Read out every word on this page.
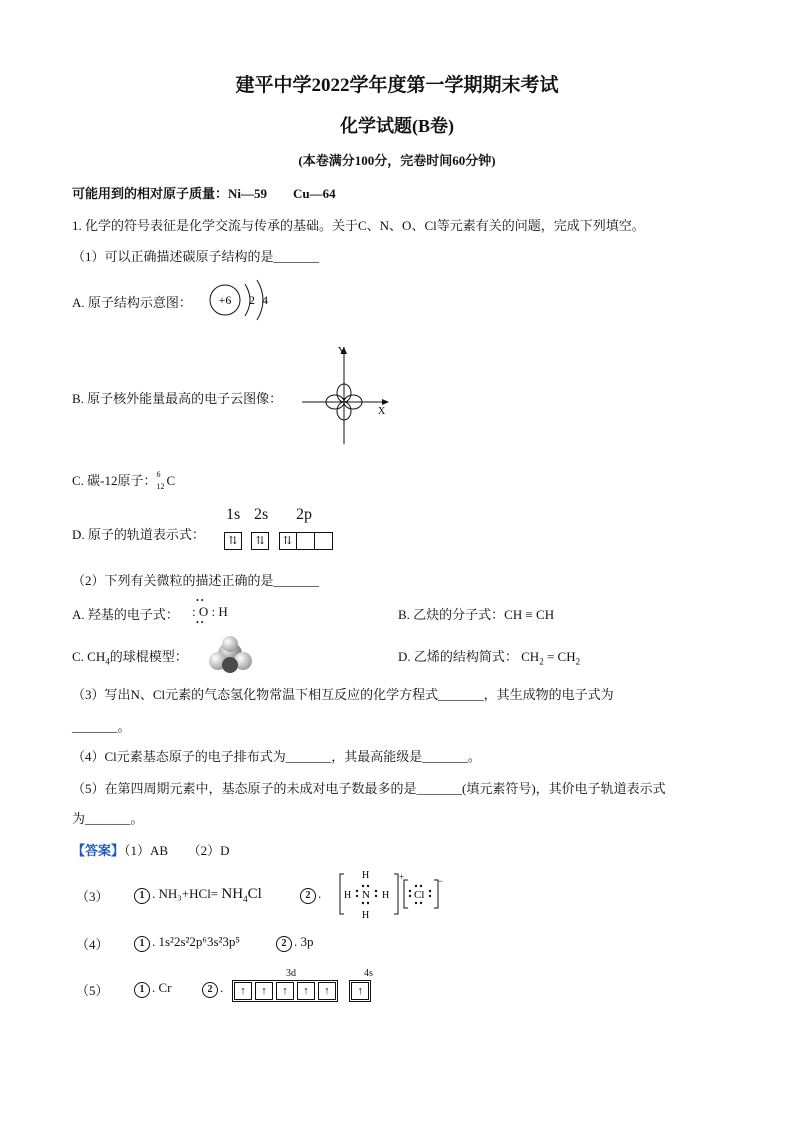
建平中学2022学年度第一学期期末考试
化学试题(B卷)
(本卷满分100分，完卷时间60分钟)
可能用到的相对原子质量：Ni—59　　Cu—64
1. 化学的符号表征是化学交流与传承的基础。关于C、N、O、Cl等元素有关的问题，完成下列填空。
（1）可以正确描述碳原子结构的是_______
A. 原子结构示意图： +6 2 4
B. 原子核外能量最高的电子云图像：
Y
X
C. 碳-12原子： 6
12 C
D. 原子的轨道表示式：
1s 2s 2p
⇅
	⇅
	⇅
（2）下列有关微粒的描述正确的是_______
A. 羟基的电子式：
••
: O : H
••
B. 乙炔的分子式：CH ≡ CH
C. $CH_4$的球棍模型：	D. 乙烯的结构简式： $CH_2 = CH_2$
（3）写出N、Cl元素的气态氢化物常温下相互反应的化学方程式_______，其生成物的电子式为
_______。
（4）Cl元素基态原子的电子排布式为_______，其最高能级是_______。
（5）在第四周期元素中，基态原子的未成对电子数最多的是_______(填元素符号)，其价电子轨道表示式
为_______。
【答案】（1）AB　　（2）D
（3）	1 . $NH_3+HCl= NH_4Cl$	2 .
H
H
H	H
N
+
Cl
−
（4）	1 . 1s²2s²2p⁶3s²3p⁵	2 . 3p
（5）	1 . Cr	2 .
3d	4s
↑	↑	↑	↑	↑
	↑
